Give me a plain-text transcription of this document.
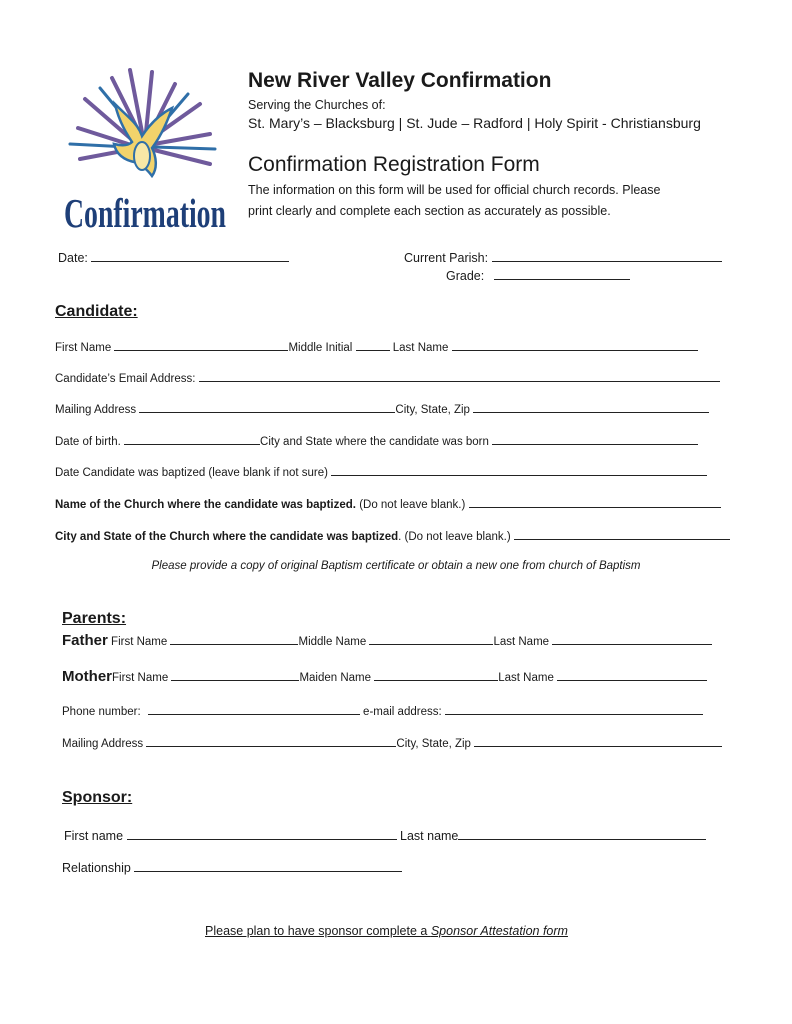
Confirmation
New River Valley Confirmation
Serving the Churches of:
St. Mary’s – Blacksburg | St. Jude – Radford | Holy Spirit - Christiansburg
Confirmation Registration Form
The information on this form will be used for official church records. Please
print clearly and complete each section as accurately as possible.
Date:	Current Parish:
Grade:
Candidate:
First Name	Middle Initial	Last Name
Candidate’s Email Address:
Mailing Address	City, State, Zip
Date of birth.	City and State where the candidate was born
Date Candidate was baptized (leave blank if not sure)
Name of the Church where the candidate was baptized. (Do not leave blank.)
City and State of the Church where the candidate was baptized. (Do not leave blank.)
Please provide a copy of original Baptism certificate or obtain a new one from church of Baptism
Parents:
Father First Name	Middle Name	Last Name
MotherFirst Name	Maiden Name	Last Name
Phone number:	e-mail address:
Mailing Address	City, State, Zip
Sponsor:
First name	Last name
Relationship
Please plan to have sponsor complete a Sponsor Attestation form
